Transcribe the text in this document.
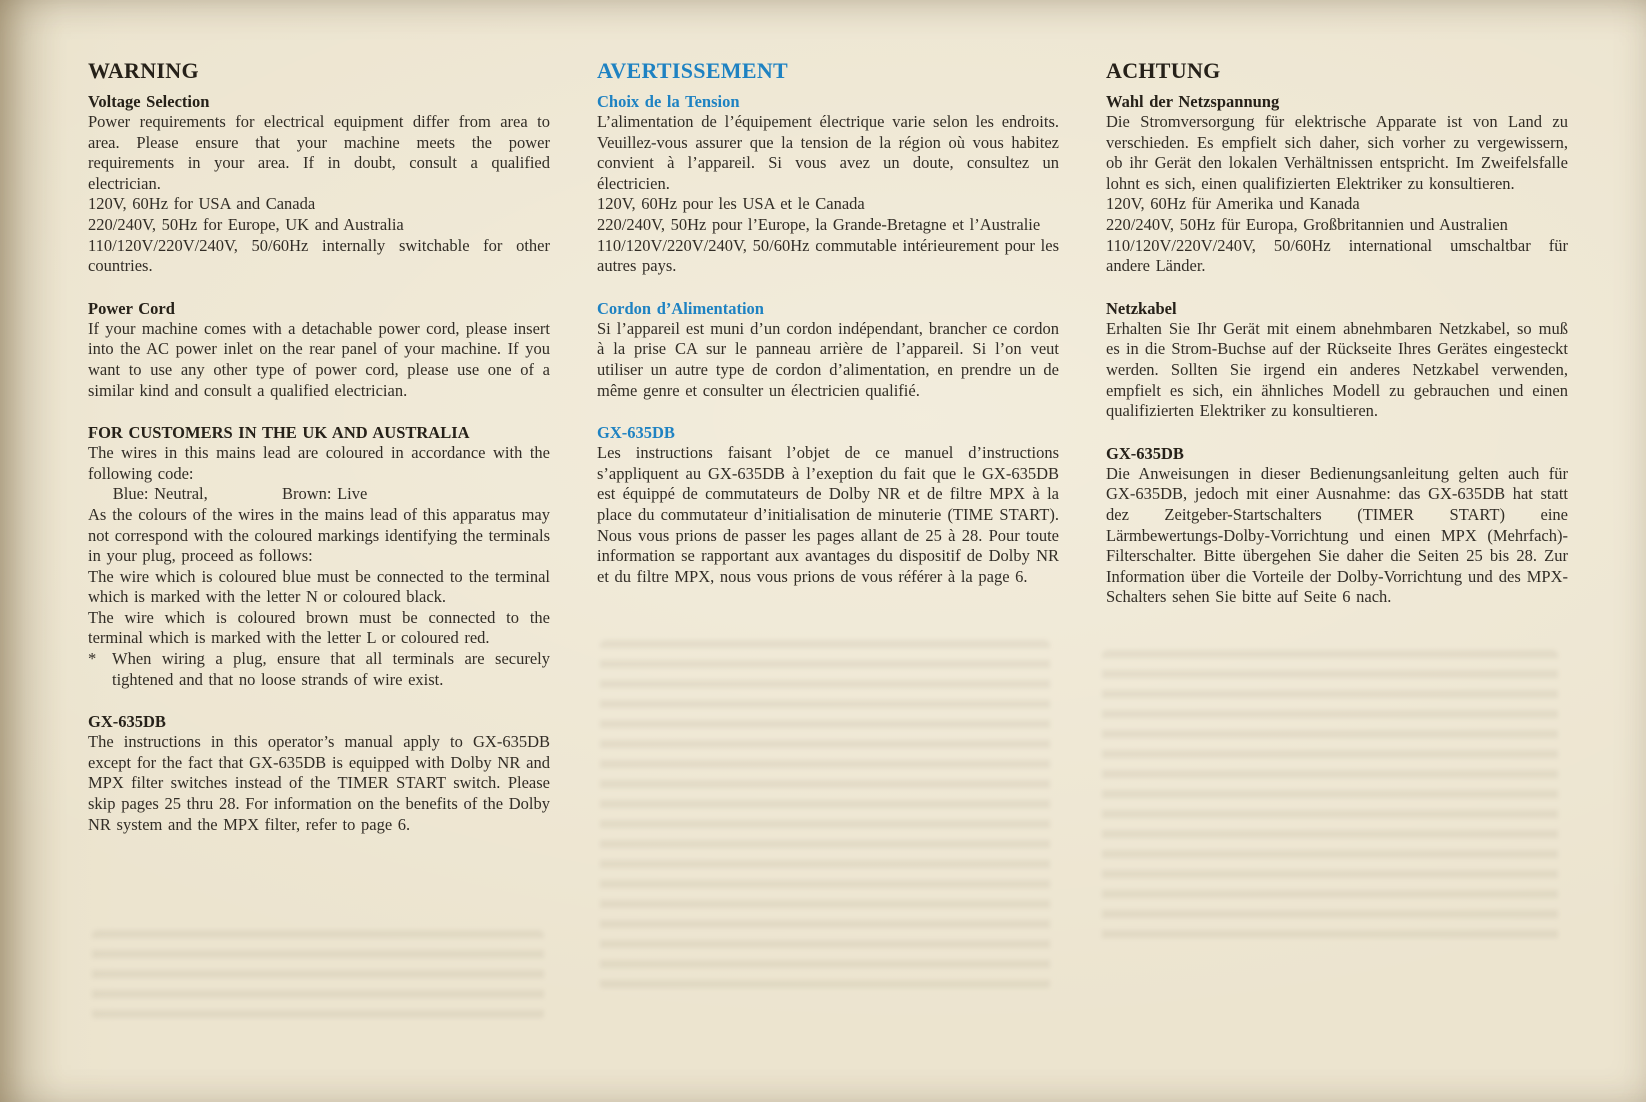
WARNING
Voltage Selection

Power requirements for electrical equipment differ from area to area. Please ensure that your machine meets the power requirements in your area. If in doubt, consult a qualified electrician.

120V, 60Hz for USA and Canada

220/240V, 50Hz for Europe, UK and Australia

110/120V/220V/240V, 50/60Hz internally switchable for other countries.

Power Cord

If your machine comes with a detachable power cord, please insert into the AC power inlet on the rear panel of your machine. If you want to use any other type of power cord, please use one of a similar kind and consult a qualified electrician.

FOR CUSTOMERS IN THE UK AND AUSTRALIA

The wires in this mains lead are coloured in accordance with the following code:

  Blue: Neutral,     Brown: Live

As the colours of the wires in the mains lead of this apparatus may not correspond with the coloured markings identifying the terminals in your plug, proceed as follows:

The wire which is coloured blue must be connected to the terminal which is marked with the letter N or coloured black.

The wire which is coloured brown must be connected to the terminal which is marked with the letter L or coloured red.

* When wiring a plug, ensure that all terminals are securely tightened and that no loose strands of wire exist.

GX-635DB

The instructions in this operator’s manual apply to GX-635DB except for the fact that GX-635DB is equipped with Dolby NR and MPX filter switches instead of the TIMER START switch. Please skip pages 25 thru 28. For information on the benefits of the Dolby NR system and the MPX filter, refer to page 6.

AVERTISSEMENT
Choix de la Tension

L’alimentation de l’équipement électrique varie selon les endroits. Veuillez-vous assurer que la tension de la région où vous habitez convient à l’appareil. Si vous avez un doute, consultez un électricien.

120V, 60Hz pour les USA et le Canada

220/240V, 50Hz pour l’Europe, la Grande-Bretagne et l’Australie

110/120V/220V/240V, 50/60Hz commutable intérieurement pour les autres pays.

Cordon d’Alimentation

Si l’appareil est muni d’un cordon indépendant, brancher ce cordon à la prise CA sur le panneau arrière de l’appareil. Si l’on veut utiliser un autre type de cordon d’alimentation, en prendre un de même genre et consulter un électricien qualifié.

GX-635DB

Les instructions faisant l’objet de ce manuel d’instructions s’appliquent au GX-635DB à l’exeption du fait que le GX-635DB est équippé de commutateurs de Dolby NR et de filtre MPX à la place du commutateur d’initialisation de minuterie (TIME START). Nous vous prions de passer les pages allant de 25 à 28. Pour toute information se rapportant aux avantages du dispositif de Dolby NR et du filtre MPX, nous vous prions de vous référer à la page 6.

ACHTUNG
Wahl der Netzspannung

Die Stromversorgung für elektrische Apparate ist von Land zu verschieden. Es empfielt sich daher, sich vorher zu vergewissern, ob ihr Gerät den lokalen Verhältnissen entspricht. Im Zweifelsfalle lohnt es sich, einen qualifizierten Elektriker zu konsultieren.

120V, 60Hz für Amerika und Kanada

220/240V, 50Hz für Europa, Großbritannien und Australien

110/120V/220V/240V, 50/60Hz international umschaltbar für andere Länder.

Netzkabel

Erhalten Sie Ihr Gerät mit einem abnehmbaren Netzkabel, so muß es in die Strom-Buchse auf der Rückseite Ihres Gerätes eingesteckt werden. Sollten Sie irgend ein anderes Netzkabel verwenden, empfielt es sich, ein ähnliches Modell zu gebrauchen und einen qualifizierten Elektriker zu konsultieren.

GX-635DB

Die Anweisungen in dieser Bedienungsanleitung gelten auch für GX-635DB, jedoch mit einer Ausnahme: das GX-635DB hat statt dez Zeitgeber-Startschalters (TIMER START) eine Lärmbewertungs-Dolby-Vorrichtung und einen MPX (Mehrfach)-Filterschalter. Bitte übergehen Sie daher die Seiten 25 bis 28. Zur Information über die Vorteile der Dolby-Vorrichtung und des MPX-Schalters sehen Sie bitte auf Seite 6 nach.
